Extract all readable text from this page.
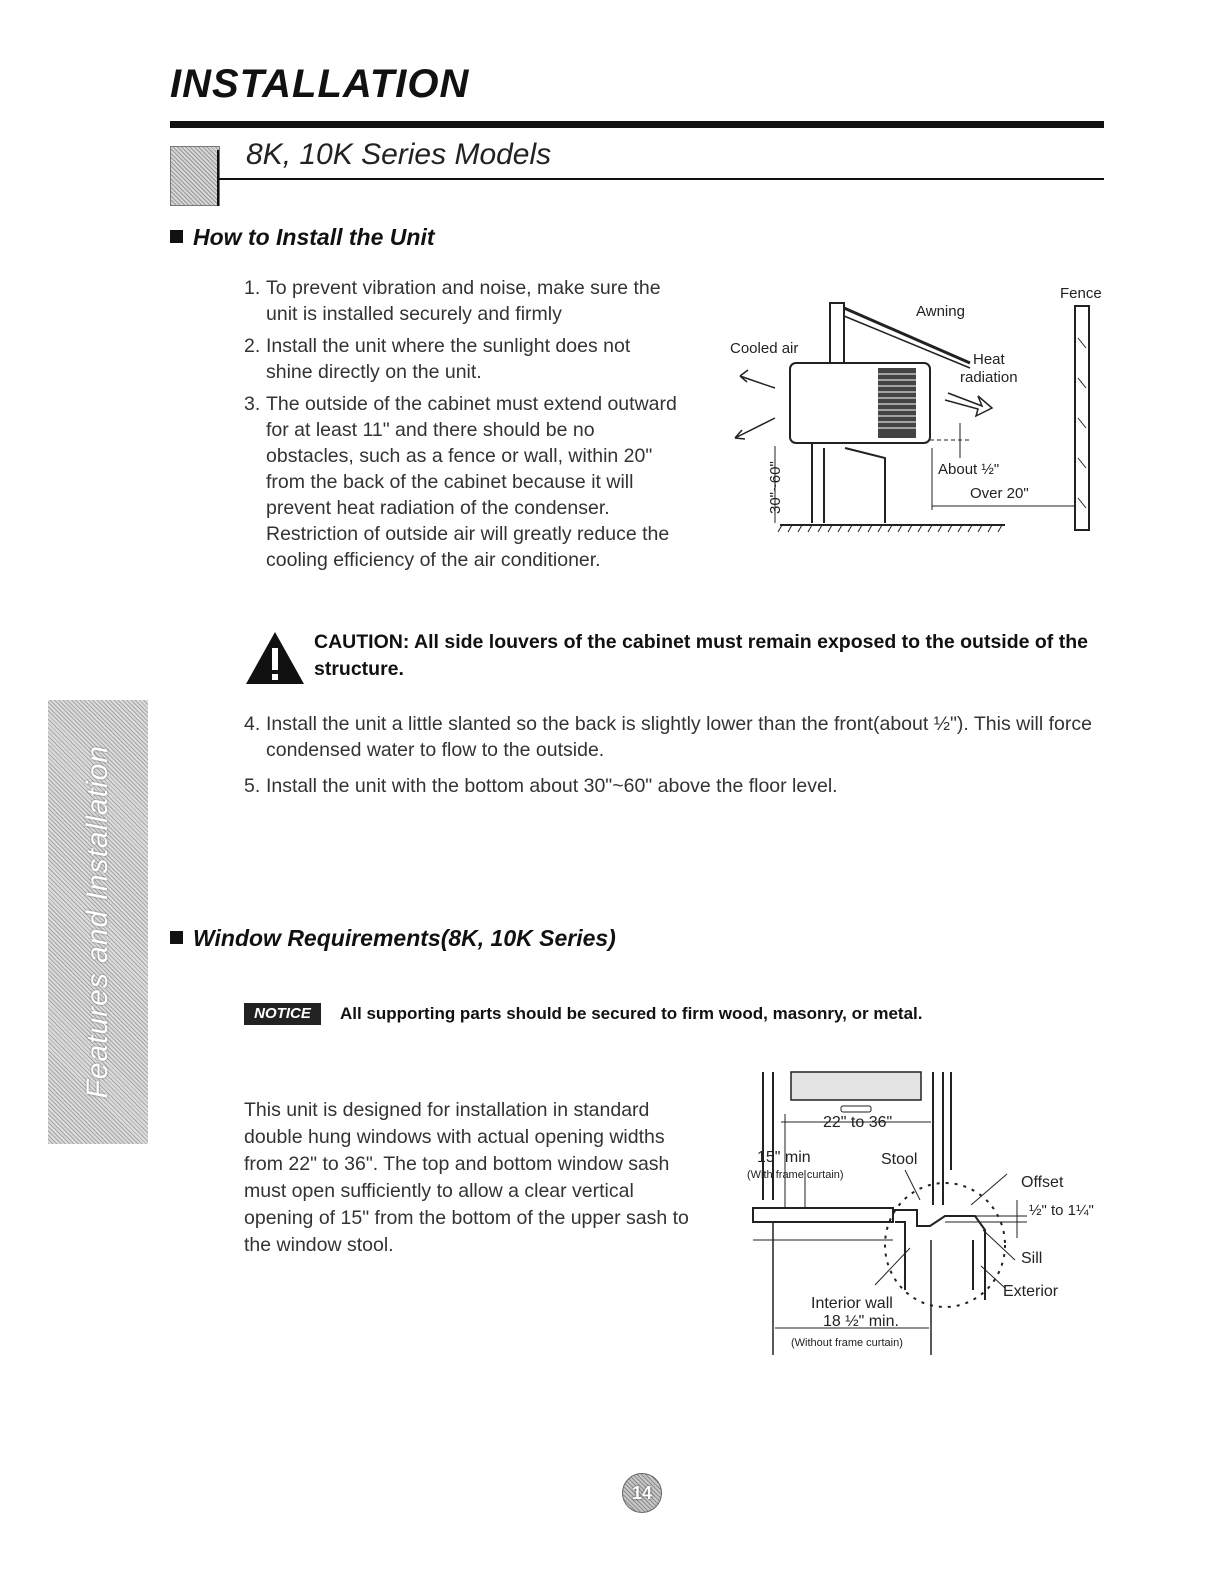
INSTALLATION
8K, 10K Series Models
Features and Installation
How to Install the Unit
1. To prevent vibration and noise, make sure the unit is installed securely and firmly
2. Install the unit where the sunlight does not shine directly on the unit.
3. The outside of the cabinet must extend outward for at least 11" and there should be no obstacles, such as a fence or wall, within 20" from the back of the cabinet because it will prevent heat radiation of the condenser.
Restriction of outside air will greatly reduce the cooling efficiency of the air conditioner.
Fence
Awning
Cooled air
Heat
radiation
About ½"
Over 20"
30"~60"
CAUTION: All side louvers of the cabinet must remain exposed to the outside of the structure.
4. Install the unit a little slanted so the back is slightly lower than the front(about ½"). This will force condensed water to flow to the outside.
5. Install the unit with the bottom about 30"~60" above the floor level.
Window Requirements(8K, 10K Series)
NOTICE	All supporting parts should be secured to firm wood, masonry, or metal.
This unit is designed for installation in standard double hung windows with actual opening widths from 22" to 36". The top and bottom window sash must open sufficiently to allow a clear vertical opening of 15" from the bottom of the upper sash to the window stool.
22" to 36"
15" min
(With frame curtain)
Stool
Offset
½" to 1¼"
Sill
Exterior
Interior wall
18 ½" min.
(Without frame curtain)
14
